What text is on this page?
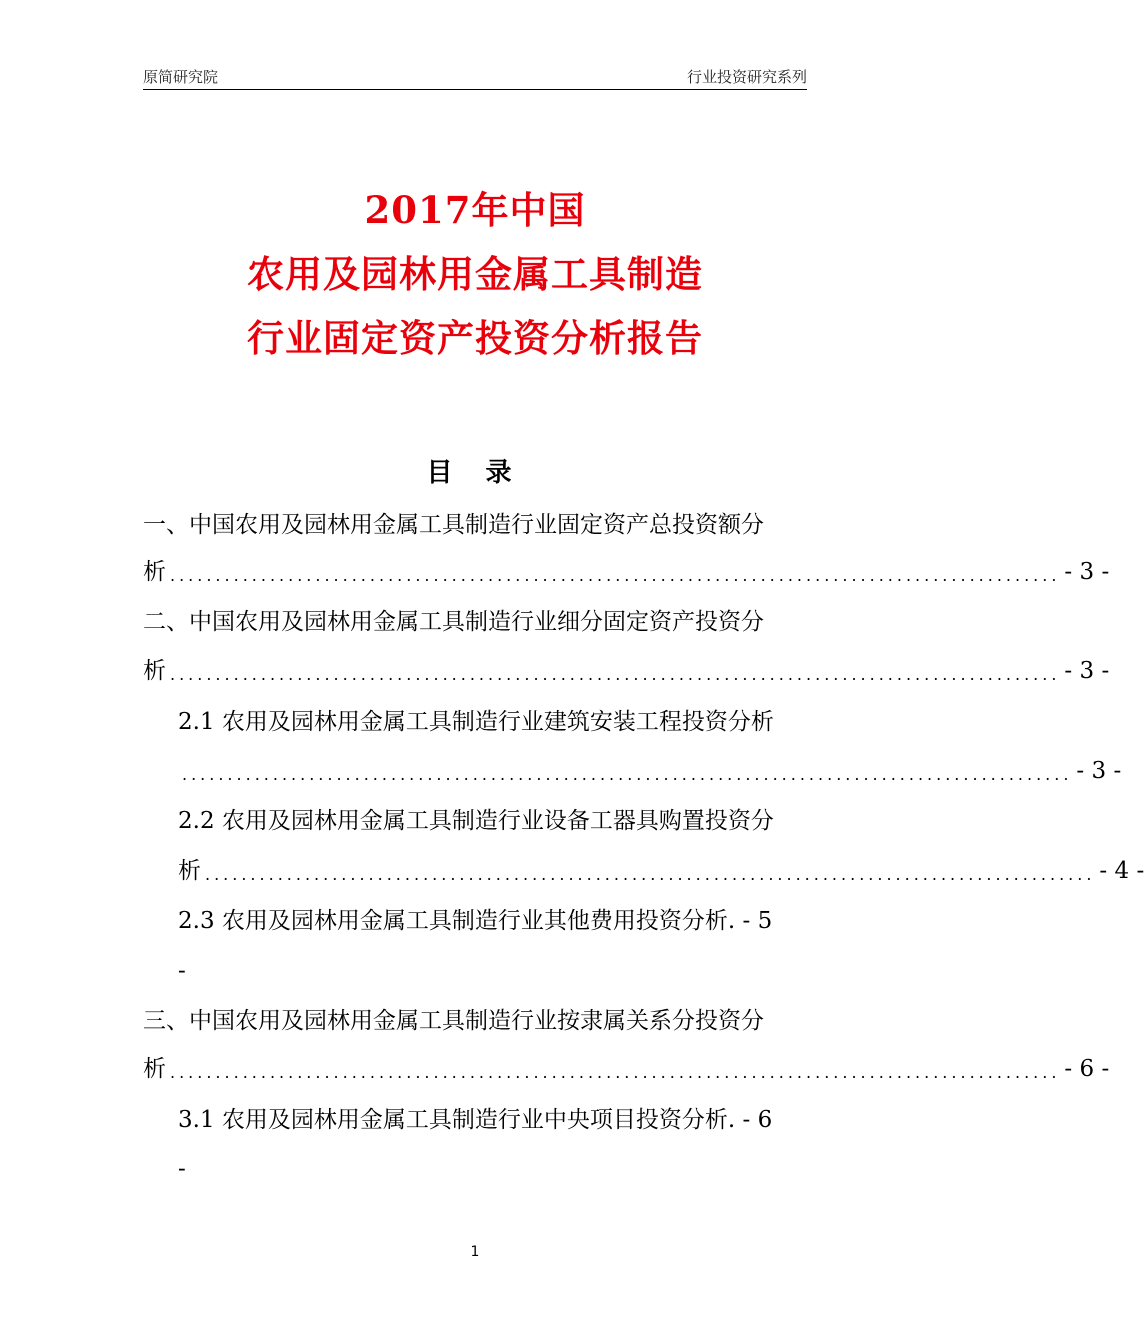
原简研究院	行业投资研究系列
2017年中国
农用及园林用金属工具制造
行业固定资产投资分析报告
目 录
一、中国农用及园林用金属工具制造行业固定资产总投资额分
析 .................................................................................................. - 3 -
二、中国农用及园林用金属工具制造行业细分固定资产投资分
析 .................................................................................................. - 3 -
2.1 农用及园林用金属工具制造行业建筑安装工程投资分析
.................................................................................................. - 3 -
2.2 农用及园林用金属工具制造行业设备工器具购置投资分
析 .................................................................................................. - 4 -
2.3 农用及园林用金属工具制造行业其他费用投资分析. - 5
-
三、中国农用及园林用金属工具制造行业按隶属关系分投资分
析 .................................................................................................. - 6 -
3.1 农用及园林用金属工具制造行业中央项目投资分析. - 6
-
1
